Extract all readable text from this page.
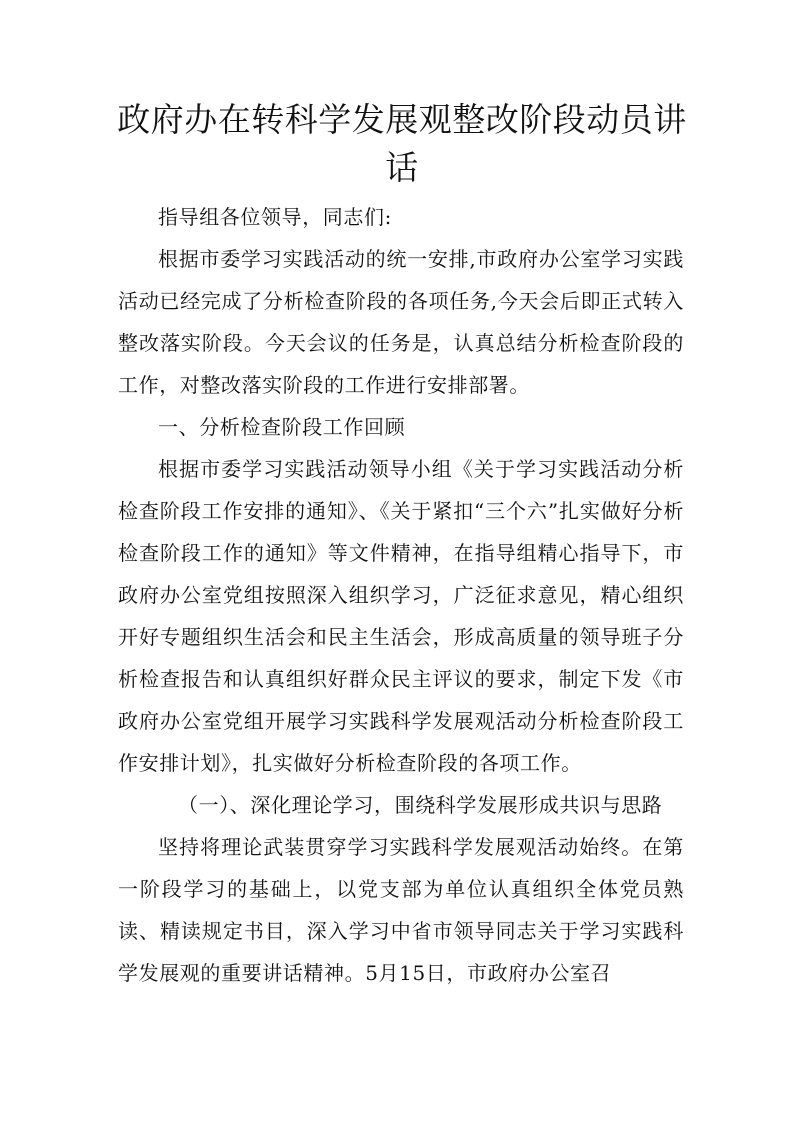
政府办在转科学发展观整改阶段动员讲话

指导组各位领导，同志们:

根据市委学习实践活动的统一安排,市政府办公室学习实践活动已经完成了分析检查阶段的各项任务,今天会后即正式转入整改落实阶段。今天会议的任务是，认真总结分析检查阶段的工作，对整改落实阶段的工作进行安排部署。

一、分析检查阶段工作回顾

根据市委学习实践活动领导小组《关于学习实践活动分析检查阶段工作安排的通知》、《关于紧扣“三个六”扎实做好分析检查阶段工作的通知》等文件精神，在指导组精心指导下，市政府办公室党组按照深入组织学习，广泛征求意见，精心组织开好专题组织生活会和民主生活会，形成高质量的领导班子分析检查报告和认真组织好群众民主评议的要求，制定下发《市政府办公室党组开展学习实践科学发展观活动分析检查阶段工作安排计划》，扎实做好分析检查阶段的各项工作。

（一）、深化理论学习，围绕科学发展形成共识与思路

坚持将理论武装贯穿学习实践科学发展观活动始终。在第一阶段学习的基础上，以党支部为单位认真组织全体党员熟读、精读规定书目，深入学习中省市领导同志关于学习实践科学发展观的重要讲话精神。5月15日，市政府办公室召
